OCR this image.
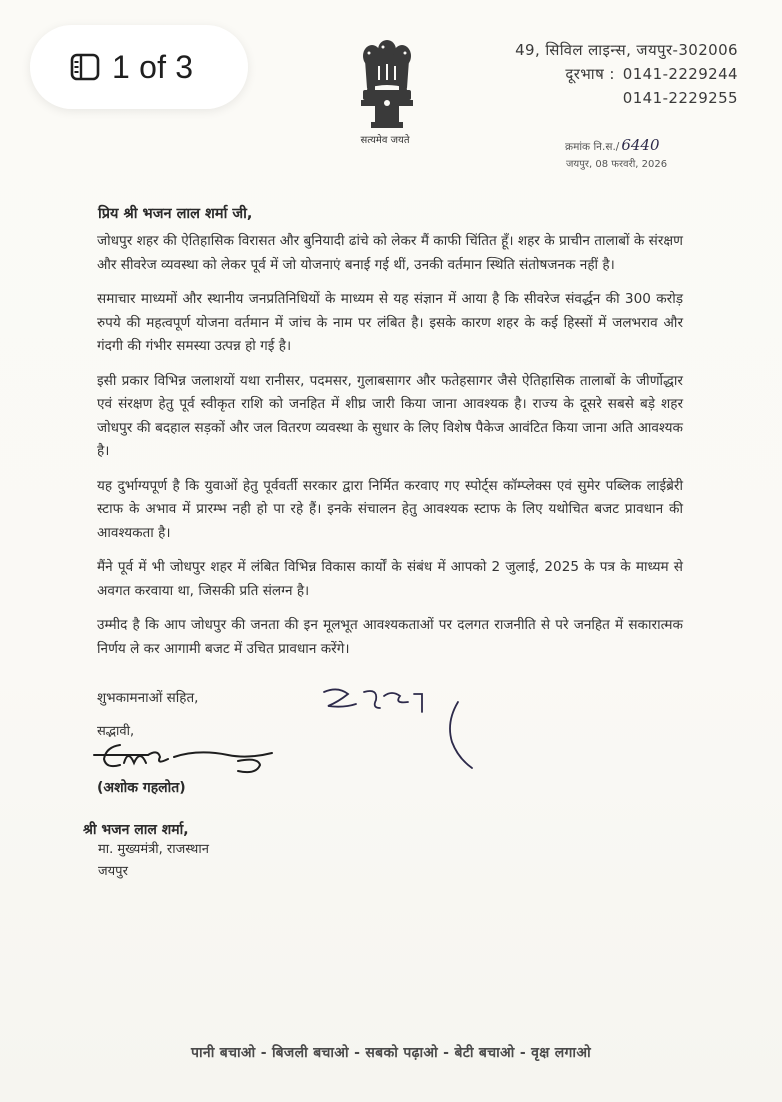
1 of 3
सत्यमेव जयते
49, सिविल लाइन्स, जयपुर-302006
दूरभाष : 0141-2229244
0141-2229255
क्रमांक नि.स./ 6440
जयपुर, 08 फरवरी, 2026
प्रिय श्री भजन लाल शर्मा जी,

जोधपुर शहर की ऐतिहासिक विरासत और बुनियादी ढांचे को लेकर मैं काफी चिंतित हूँ। शहर के प्राचीन तालाबों के संरक्षण और सीवरेज व्यवस्था को लेकर पूर्व में जो योजनाएं बनाई गई थीं, उनकी वर्तमान स्थिति संतोषजनक नहीं है।

समाचार माध्यमों और स्थानीय जनप्रतिनिधियों के माध्यम से यह संज्ञान में आया है कि सीवरेज संवर्द्धन की 300 करोड़ रुपये की महत्वपूर्ण योजना वर्तमान में जांच के नाम पर लंबित है। इसके कारण शहर के कई हिस्सों में जलभराव और गंदगी की गंभीर समस्या उत्पन्न हो गई है।

इसी प्रकार विभिन्न जलाशयों यथा रानीसर, पदमसर, गुलाबसागर और फतेहसागर जैसे ऐतिहासिक तालाबों के जीर्णोद्धार एवं संरक्षण हेतु पूर्व स्वीकृत राशि को जनहित में शीघ्र जारी किया जाना आवश्यक है। राज्य के दूसरे सबसे बड़े शहर जोधपुर की बदहाल सड़कों और जल वितरण व्यवस्था के सुधार के लिए विशेष पैकेज आवंटित किया जाना अति आवश्यक है।

यह दुर्भाग्यपूर्ण है कि युवाओं हेतु पूर्ववर्ती सरकार द्वारा निर्मित करवाए गए स्पोर्ट्स कॉम्प्लेक्स एवं सुमेर पब्लिक लाईब्रेरी स्टाफ के अभाव में प्रारम्भ नही हो पा रहे हैं। इनके संचालन हेतु आवश्यक स्टाफ के लिए यथोचित बजट प्रावधान की आवश्यकता है।

मैंने पूर्व में भी जोधपुर शहर में लंबित विभिन्न विकास कार्यों के संबंध में आपको 2 जुलाई, 2025 के पत्र के माध्यम से अवगत करवाया था, जिसकी प्रति संलग्न है।

उम्मीद है कि आप जोधपुर की जनता की इन मूलभूत आवश्यकताओं पर दलगत राजनीति से परे जनहित में सकारात्मक निर्णय ले कर आगामी बजट में उचित प्रावधान करेंगे।

शुभकामनाओं सहित,
सद्भावी,
(अशोक गहलोत)
श्री भजन लाल शर्मा,
मा. मुख्यमंत्री, राजस्थान
जयपुर
पानी बचाओ - बिजली बचाओ - सबको पढ़ाओ - बेटी बचाओ - वृक्ष लगाओ
